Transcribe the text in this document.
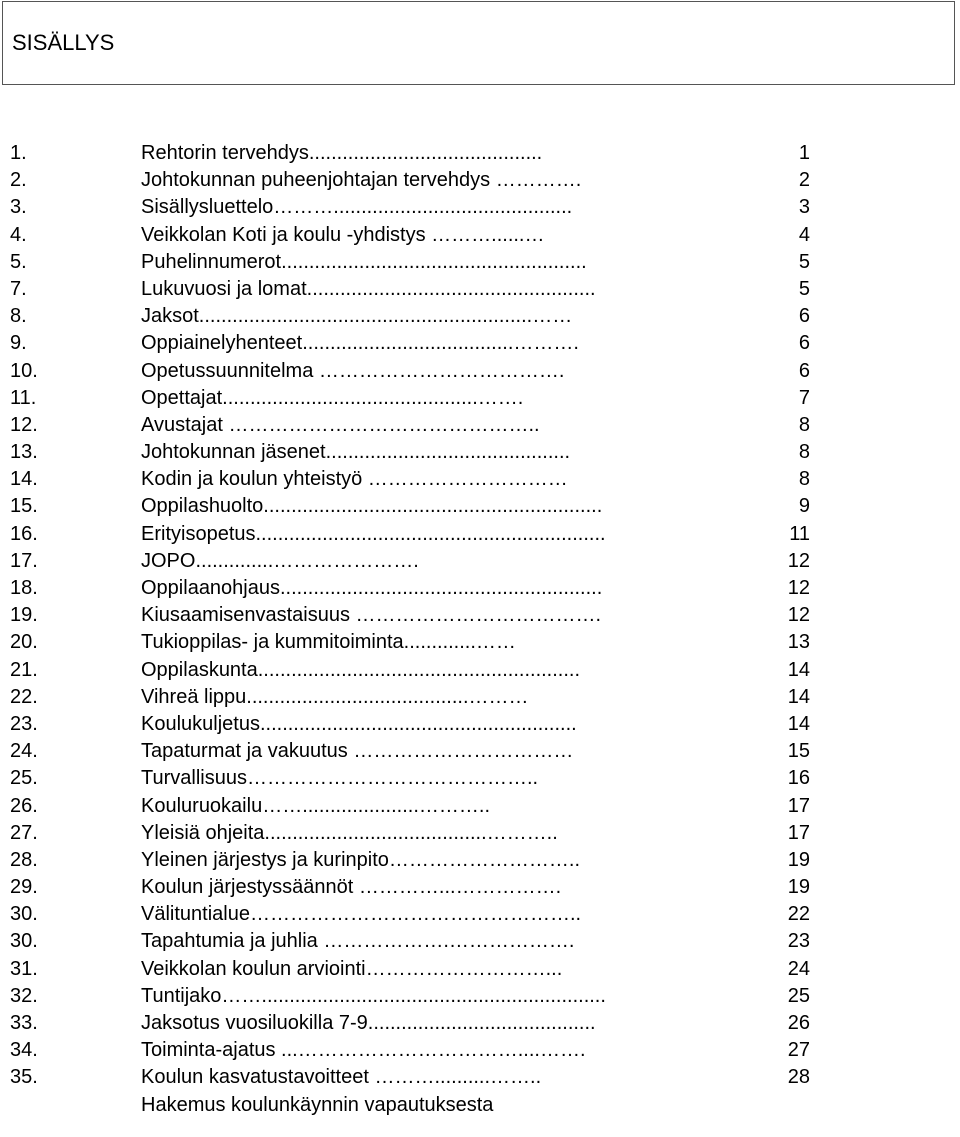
SISÄLLYS
1.	Rehtorin tervehdys..........................................	1
2.	Johtokunnan puheenjohtajan tervehdys ………….	2
3.	Sisällysluettelo………...........................................	3
4.	Veikkolan Koti ja koulu -yhdistys ………......…	4
5.	Puhelinnumerot.......................................................	5
7.	Lukuvuosi ja lomat....................................................	5
8.	Jaksot............................................................……	6
9.	Oppiainelyhenteet......................................……….	6
10.	Opetussuunnitelma ……………………………….	6
11.	Opettajat..............................................…….	7
12.	Avustajat ………………………………………..	8
13.	Johtokunnan jäsenet............................................	8
14.	Kodin ja koulun yhteistyö …………………………	8
15.	Oppilashuolto.............................................................	9
16.	Erityisopetus...............................................................	11
17.	JOPO..............………………….	12
18.	Oppilaanohjaus..........................................................	12
19.	Kiusaamisenvastaisuus ……………………………….	12
20.	Tukioppilas- ja kummitoiminta.............……	13
21.	Oppilaskunta..........................................................	14
22.	Vihreä lippu........................................………	14
23.	Koulukuljetus.........................................................	14
24.	Tapaturmat ja vakuutus ……………………………	15
25.	Turvallisuus……………………………………..	16
26.	Kouluruokailu…….....................………..	17
27.	Yleisiä ohjeita........................................………..	17
28.	Yleinen järjestys ja kurinpito………………………..	19
29.	Koulun järjestyssäännöt …………...…………….	19
30.	Välituntialue…………………………………………..	22
30.	Tapahtumia ja juhlia ……………….……………….	23
31.	Veikkolan koulun arviointi………………………...	24
32.	Tuntijako……..............................................................	25
33.	Jaksotus vuosiluokilla 7-9.........................................	26
34.	Toiminta-ajatus ...……………………………....…….	27
35.	Koulun kasvatustavoitteet ………..........……..	28
Hakemus koulunkäynnin vapautuksesta
